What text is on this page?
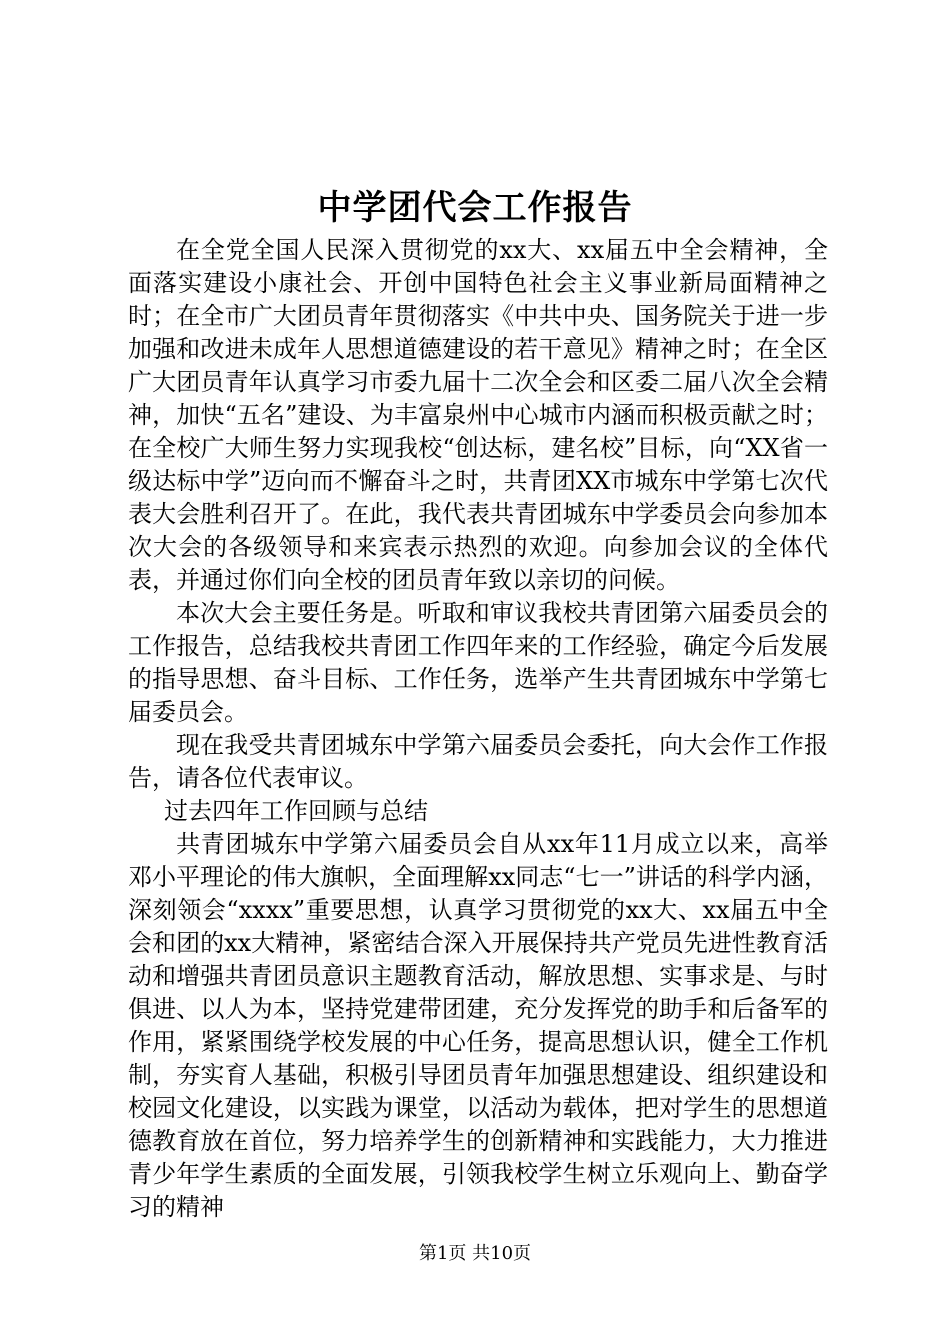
中学团代会工作报告

在全党全国人民深入贯彻党的xx大、xx届五中全会精神，全面落实建设小康社会、开创中国特色社会主义事业新局面精神之时；在全市广大团员青年贯彻落实《中共中央、国务院关于进一步加强和改进未成年人思想道德建设的若干意见》精神之时；在全区广大团员青年认真学习市委九届十二次全会和区委二届八次全会精神，加快“五名”建设、为丰富泉州中心城市内涵而积极贡献之时；在全校广大师生努力实现我校“创达标，建名校”目标，向“XX省一级达标中学”迈向而不懈奋斗之时，共青团XX市城东中学第七次代表大会胜利召开了。在此，我代表共青团城东中学委员会向参加本次大会的各级领导和来宾表示热烈的欢迎。向参加会议的全体代表，并通过你们向全校的团员青年致以亲切的问候。

本次大会主要任务是。听取和审议我校共青团第六届委员会的工作报告，总结我校共青团工作四年来的工作经验，确定今后发展的指导思想、奋斗目标、工作任务，选举产生共青团城东中学第七届委员会。

现在我受共青团城东中学第六届委员会委托，向大会作工作报告，请各位代表审议。

过去四年工作回顾与总结

共青团城东中学第六届委员会自从xx年11月成立以来，高举邓小平理论的伟大旗帜，全面理解xx同志“七一”讲话的科学内涵，深刻领会“xxxx”重要思想，认真学习贯彻党的xx大、xx届五中全会和团的xx大精神，紧密结合深入开展保持共产党员先进性教育活动和增强共青团员意识主题教育活动，解放思想、实事求是、与时俱进、以人为本，坚持党建带团建，充分发挥党的助手和后备军的作用，紧紧围绕学校发展的中心任务，提高思想认识，健全工作机制，夯实育人基础，积极引导团员青年加强思想建设、组织建设和校园文化建设，以实践为课堂，以活动为载体，把对学生的思想道德教育放在首位，努力培养学生的创新精神和实践能力，大力推进青少年学生素质的全面发展，引领我校学生树立乐观向上、勤奋学习的精神

第1页 共10页
